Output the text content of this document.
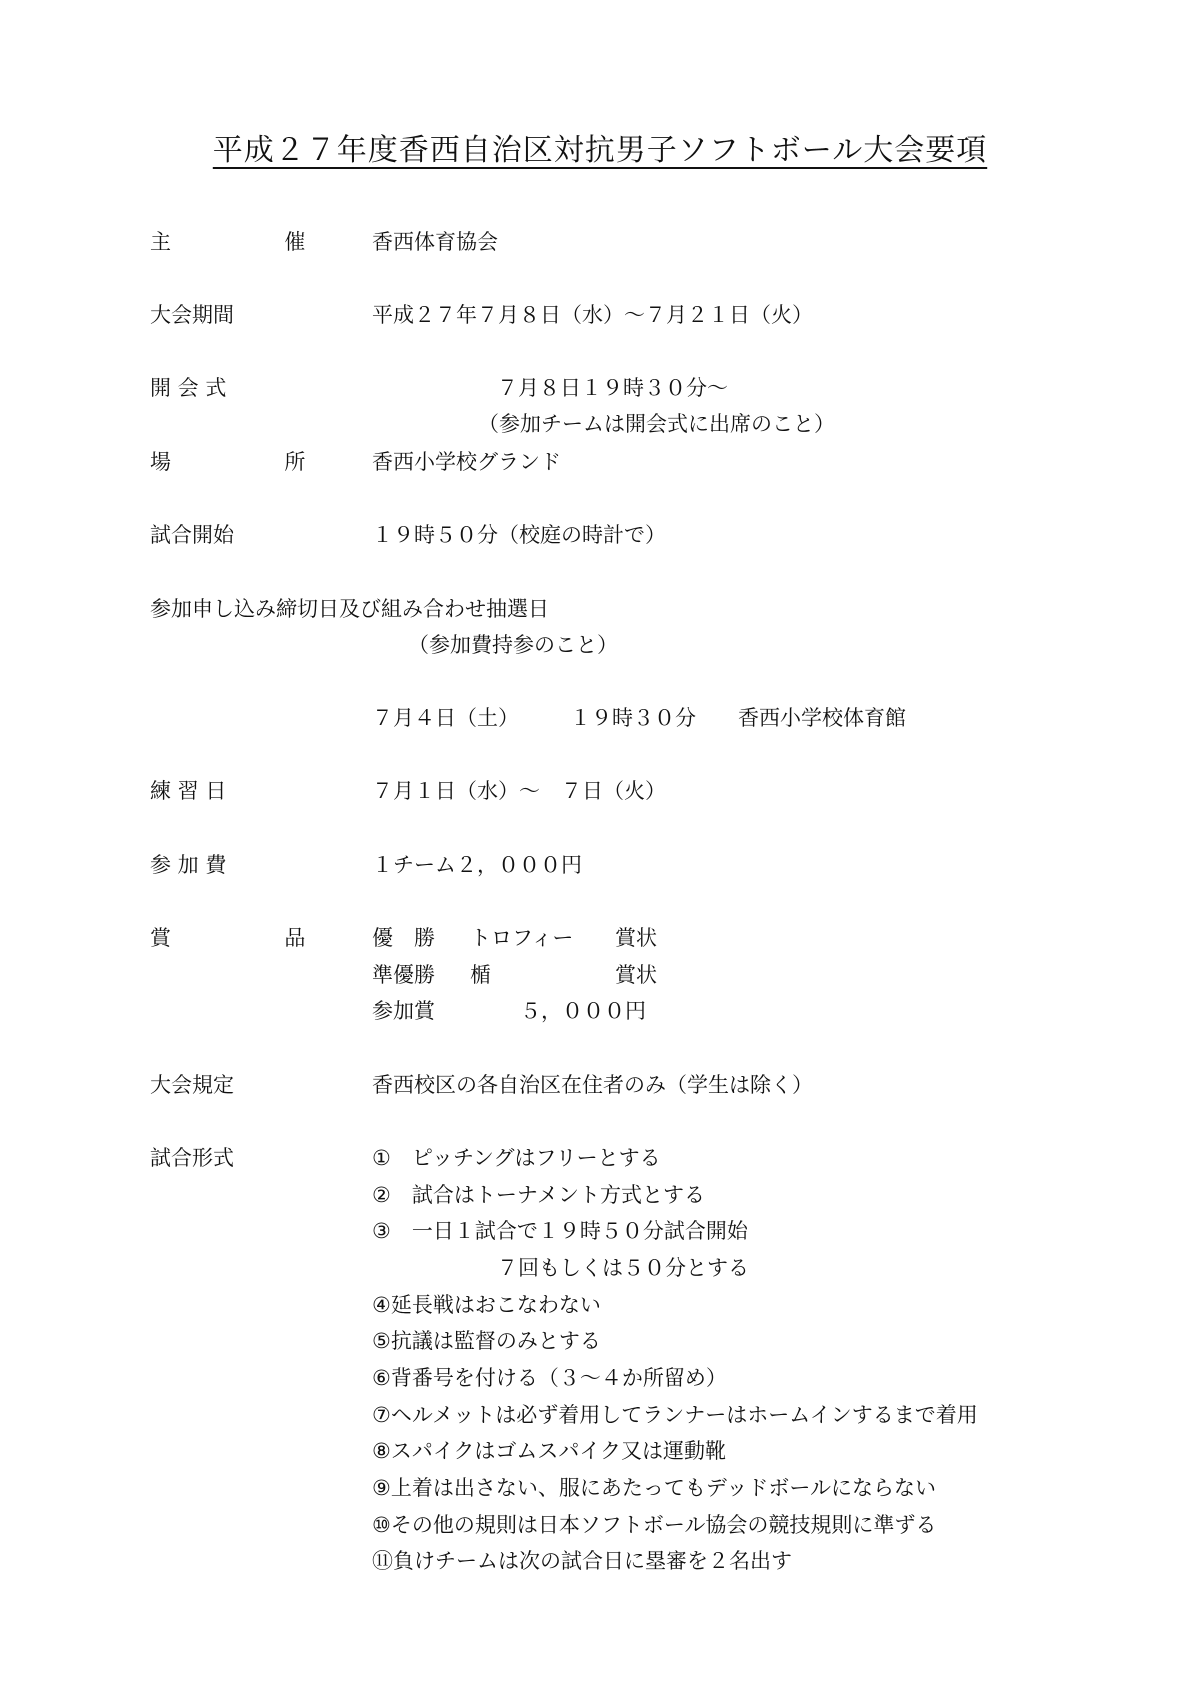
平成２７年度香西自治区対抗男子ソフトボール大会要項
主　催 香西体育協会
大会期間	平成２７年７月８日（水）～７月２１日（火）
開 会 式	７月８日１９時３０分～
（参加チームは開会式に出席のこと）
場　所 香西小学校グランド
試合開始	１９時５０分（校庭の時計で）
参加申し込み締切日及び組み合わせ抽選日
（参加費持参のこと）
７月４日（土） １９時３０分 香西小学校体育館
練 習 日	７月１日（水）～　７日（火）
参 加 費	１チーム２，０００円
賞　品 優　勝 トロフィー 賞状
準優勝 楯	賞状
参加賞	５，０００円
大会規定	香西校区の各自治区在住者のみ（学生は除く）
試合形式	①　ピッチングはフリーとする
②　試合はトーナメント方式とする
③　一日１試合で１９時５０分試合開始
７回もしくは５０分とする
④延長戦はおこなわない
⑤抗議は監督のみとする
⑥背番号を付ける（３～４か所留め）
⑦ヘルメットは必ず着用してランナーはホームインするまで着用
⑧スパイクはゴムスパイク又は運動靴
⑨上着は出さない、服にあたってもデッドボールにならない
⑩その他の規則は日本ソフトボール協会の競技規則に準ずる
⑪負けチームは次の試合日に塁審を２名出す
